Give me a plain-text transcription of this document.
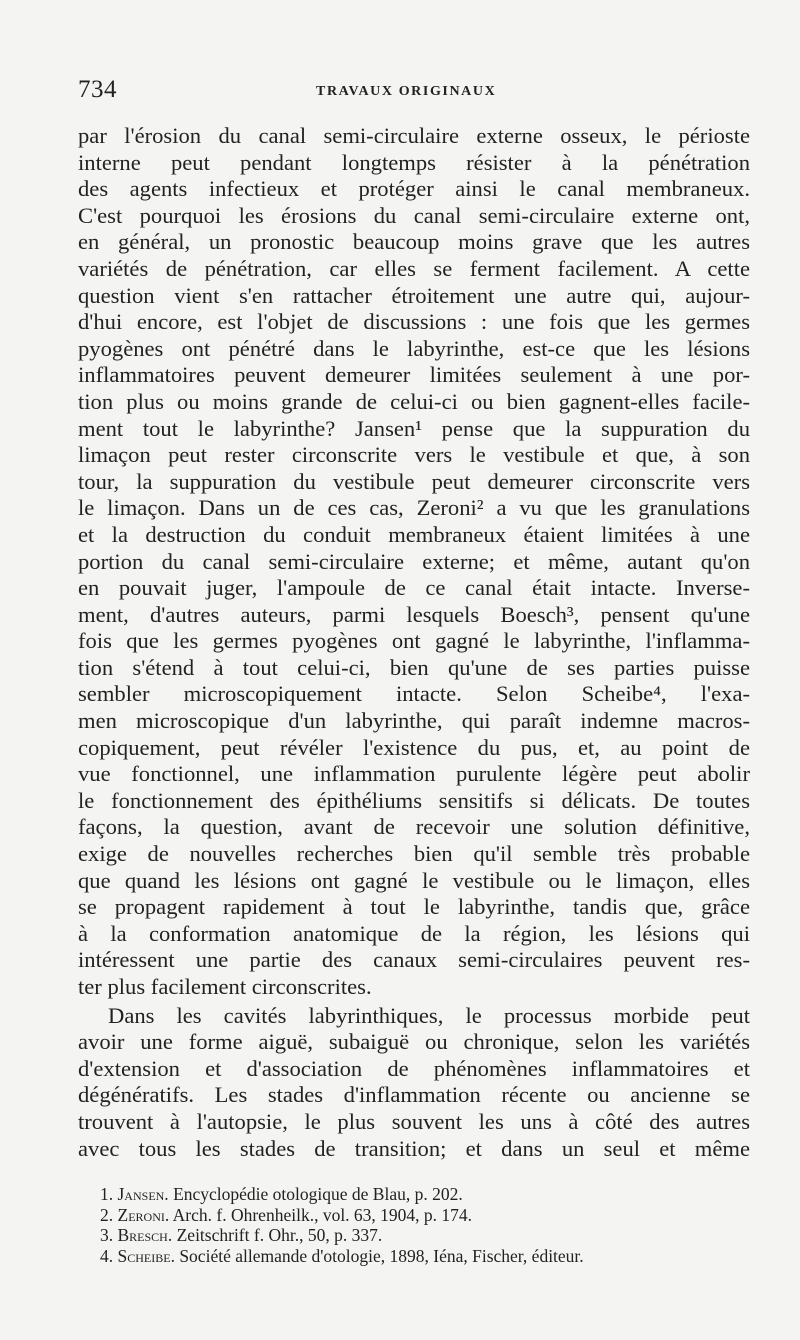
734	TRAVAUX ORIGINAUX
par l'érosion du canal semi-circulaire externe osseux, le périoste
interne peut pendant longtemps résister à la pénétration
des agents infectieux et protéger ainsi le canal membraneux.
C'est pourquoi les érosions du canal semi-circulaire externe ont,
en général, un pronostic beaucoup moins grave que les autres
variétés de pénétration, car elles se ferment facilement. A cette
question vient s'en rattacher étroitement une autre qui, aujour-
d'hui encore, est l'objet de discussions : une fois que les germes
pyogènes ont pénétré dans le labyrinthe, est-ce que les lésions
inflammatoires peuvent demeurer limitées seulement à une por-
tion plus ou moins grande de celui-ci ou bien gagnent-elles facile-
ment tout le labyrinthe? Jansen¹ pense que la suppuration du
limaçon peut rester circonscrite vers le vestibule et que, à son
tour, la suppuration du vestibule peut demeurer circonscrite vers
le limaçon. Dans un de ces cas, Zeroni² a vu que les granulations
et la destruction du conduit membraneux étaient limitées à une
portion du canal semi-circulaire externe; et même, autant qu'on
en pouvait juger, l'ampoule de ce canal était intacte. Inverse-
ment, d'autres auteurs, parmi lesquels Boesch³, pensent qu'une
fois que les germes pyogènes ont gagné le labyrinthe, l'inflamma-
tion s'étend à tout celui-ci, bien qu'une de ses parties puisse
sembler microscopiquement intacte. Selon Scheibe⁴, l'exa-
men microscopique d'un labyrinthe, qui paraît indemne macros-
copiquement, peut révéler l'existence du pus, et, au point de
vue fonctionnel, une inflammation purulente légère peut abolir
le fonctionnement des épithéliums sensitifs si délicats. De toutes
façons, la question, avant de recevoir une solution définitive,
exige de nouvelles recherches bien qu'il semble très probable
que quand les lésions ont gagné le vestibule ou le limaçon, elles
se propagent rapidement à tout le labyrinthe, tandis que, grâce
à la conformation anatomique de la région, les lésions qui
intéressent une partie des canaux semi-circulaires peuvent res-
ter plus facilement circonscrites.
Dans les cavités labyrinthiques, le processus morbide peut
avoir une forme aiguë, subaiguë ou chronique, selon les variétés
d'extension et d'association de phénomènes inflammatoires et
dégénératifs. Les stades d'inflammation récente ou ancienne se
trouvent à l'autopsie, le plus souvent les uns à côté des autres
avec tous les stades de transition; et dans un seul et même
1. Jansen. Encyclopédie otologique de Blau, p. 202.
2. Zeroni. Arch. f. Ohrenheilk., vol. 63, 1904, p. 174.
3. Bresch. Zeitschrift f. Ohr., 50, p. 337.
4. Scheibe. Société allemande d'otologie, 1898, Iéna, Fischer, éditeur.
